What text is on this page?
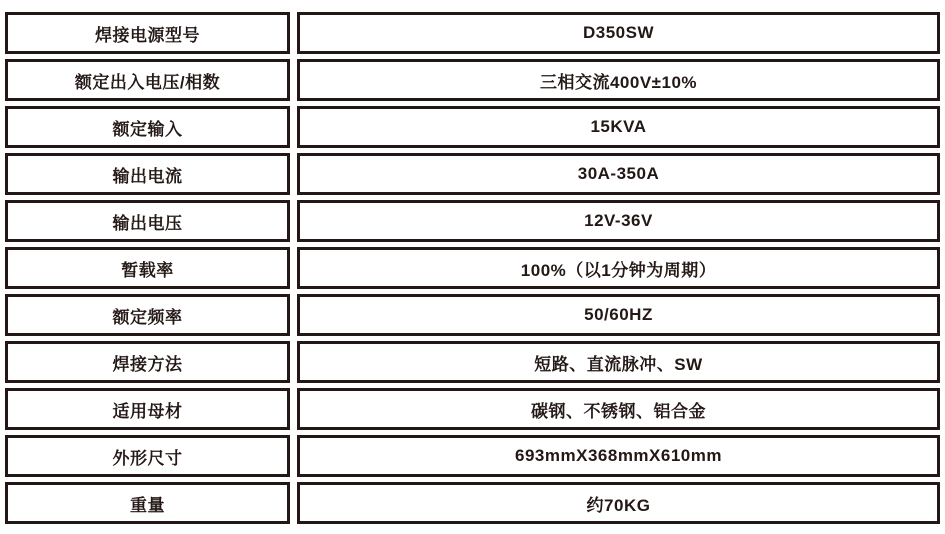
焊接电源型号	D350SW
额定出入电压/相数	三相交流400V±10%
额定输入	15KVA
输出电流	30A-350A
输出电压	12V-36V
暂载率	100%（以1分钟为周期）
额定频率	50/60HZ
焊接方法	短路、直流脉冲、SW
适用母材	碳钢、不锈钢、铝合金
外形尺寸	693mmX368mmX610mm
重量	约70KG
